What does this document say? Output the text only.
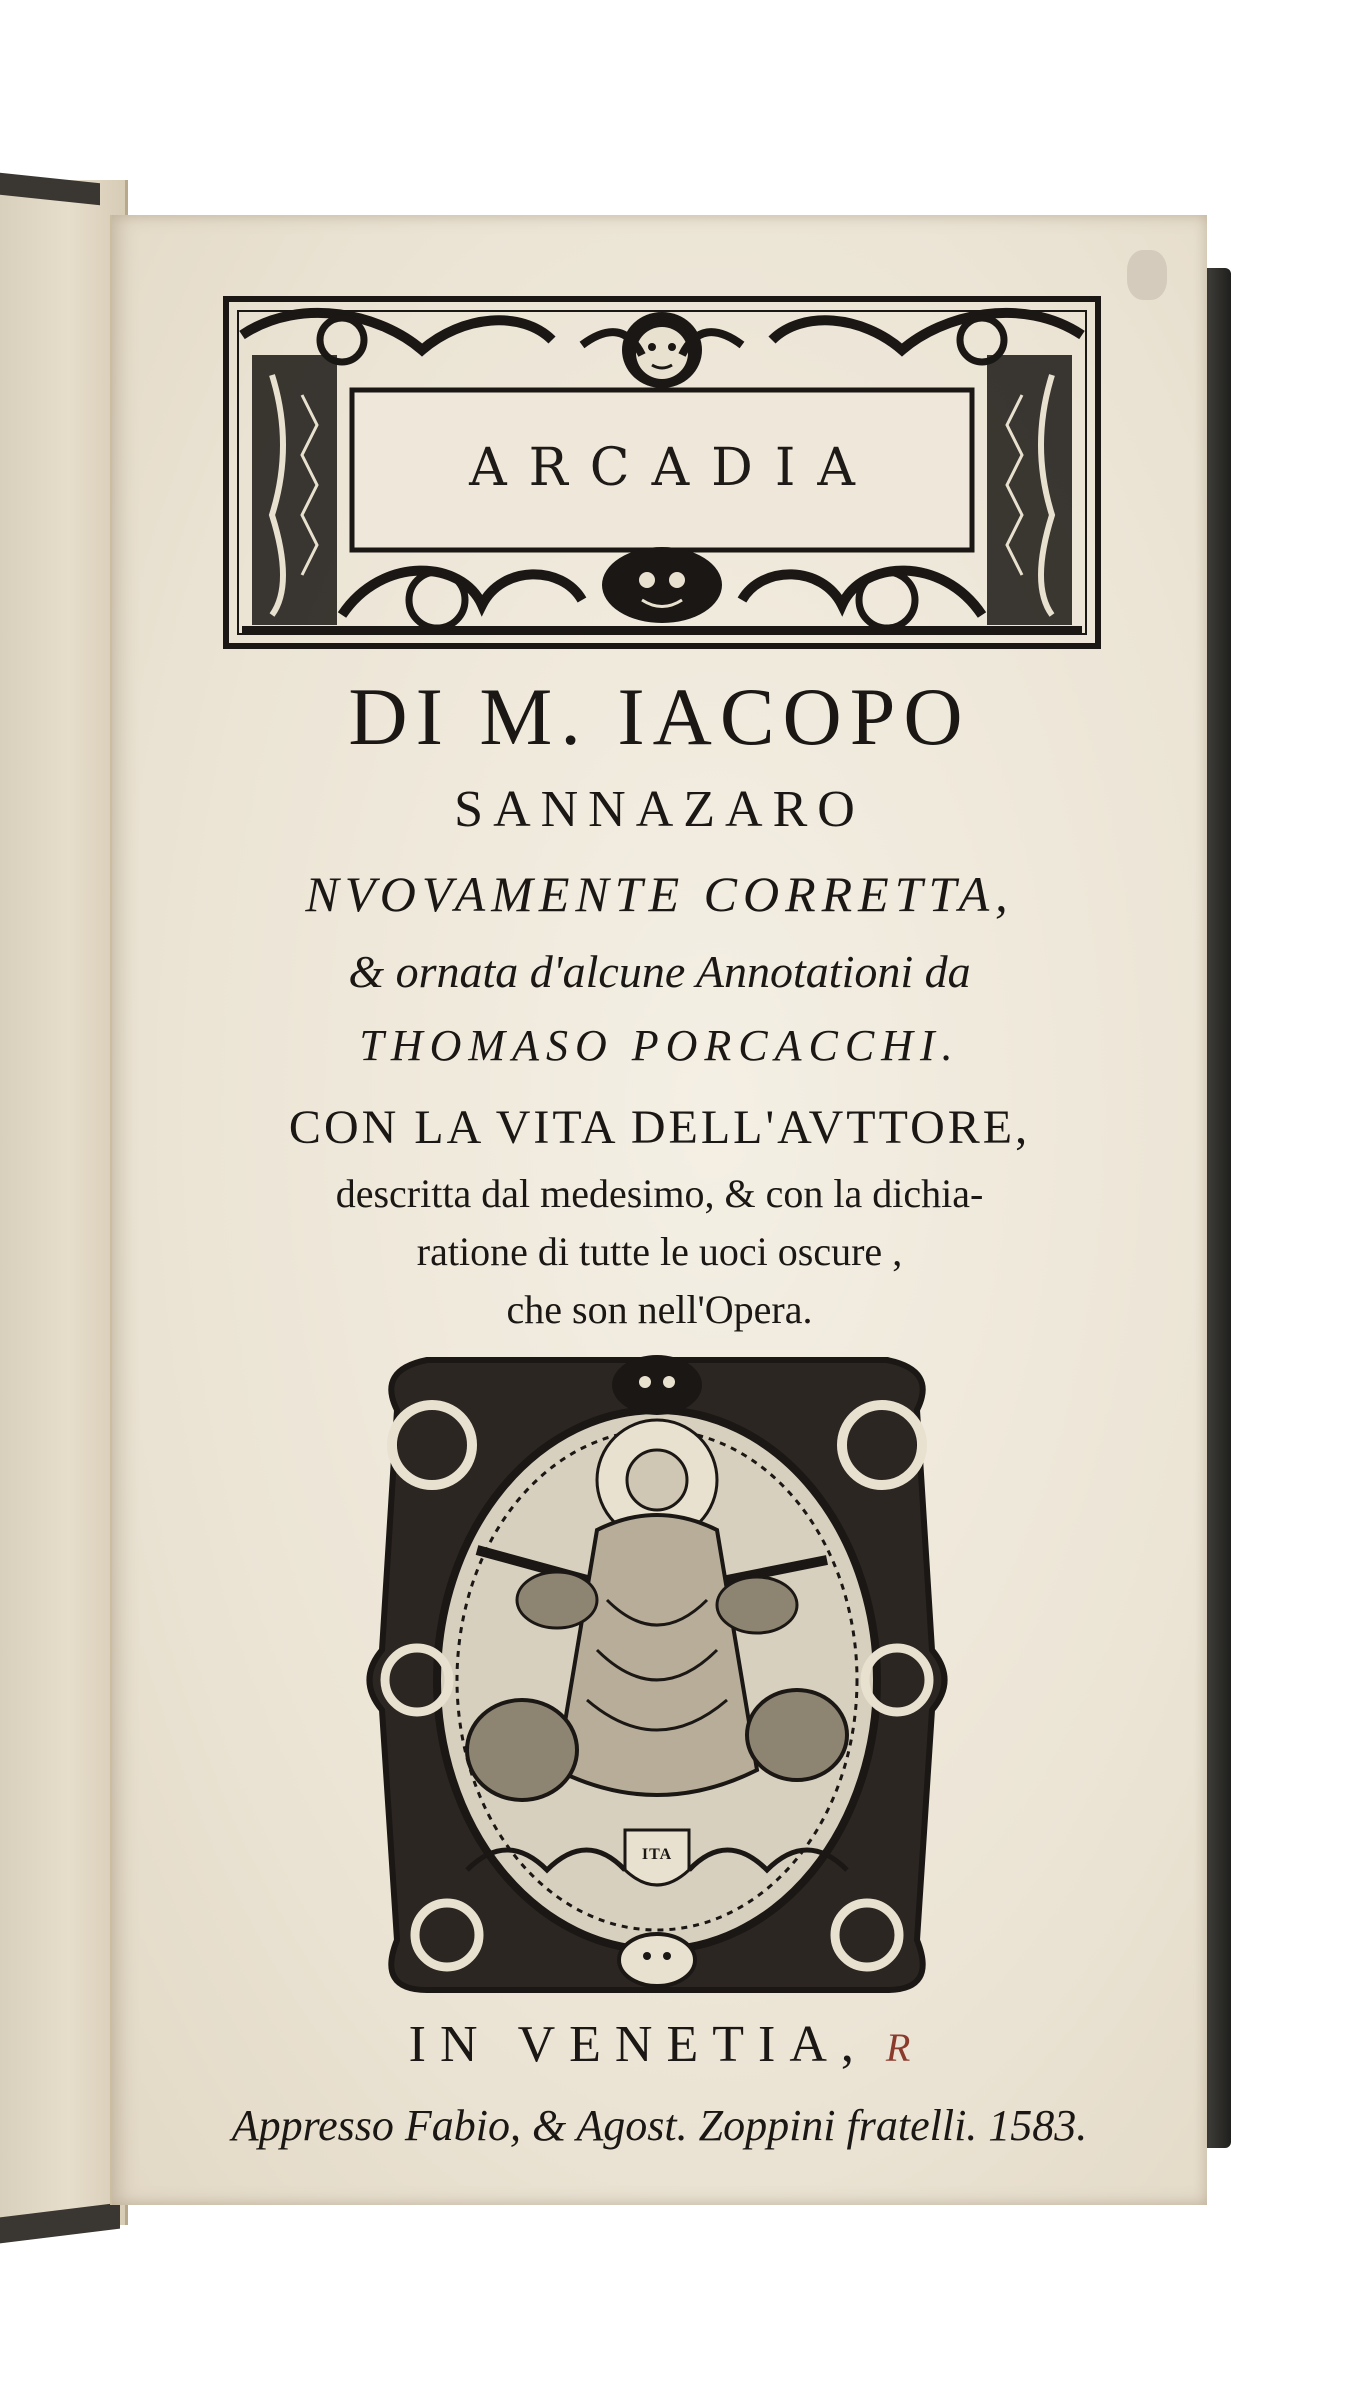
ARCADIA
DI M. IACOPO
SANNAZARO
NVOVAMENTE CORRETTA,
& ornata d'alcune Annotationi da
THOMASO PORCACCHI.
CON LA VITA DELL'AVTTORE,
descritta dal medesimo, & con la dichia-
ratione di tutte le uoci oscure ,
che son nell'Opera.
ITA
IN VENETIA, R
Appresso Fabio, & Agost. Zoppini fratelli. 1583.
